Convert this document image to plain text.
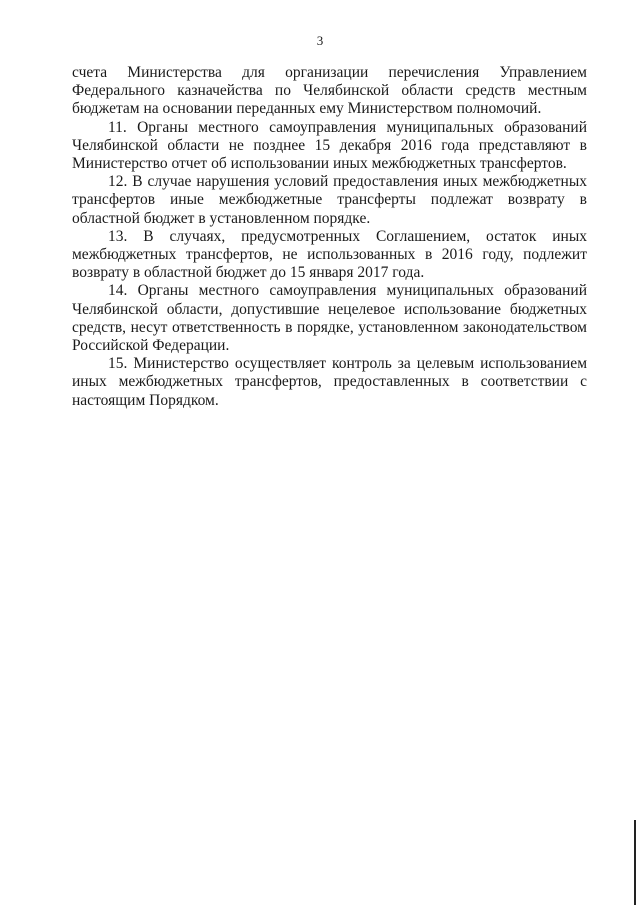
3

счета Министерства для организации перечисления Управлением Федерального казначейства по Челябинской области средств местным бюджетам на основании переданных ему Министерством полномочий.

11. Органы местного самоуправления муниципальных образований Челябинской области не позднее 15 декабря 2016 года представляют в Министерство отчет об использовании иных межбюджетных трансфертов.

12. В случае нарушения условий предоставления иных межбюджетных трансфертов иные межбюджетные трансферты подлежат возврату в областной бюджет в установленном порядке.

13. В случаях, предусмотренных Соглашением, остаток иных межбюджетных трансфертов, не использованных в 2016 году, подлежит возврату в областной бюджет до 15 января 2017 года.

14. Органы местного самоуправления муниципальных образований Челябинской области, допустившие нецелевое использование бюджетных средств, несут ответственность в порядке, установленном законодательством Российской Федерации.

15. Министерство осуществляет контроль за целевым использованием иных межбюджетных трансфертов, предоставленных в соответствии с настоящим Порядком.
